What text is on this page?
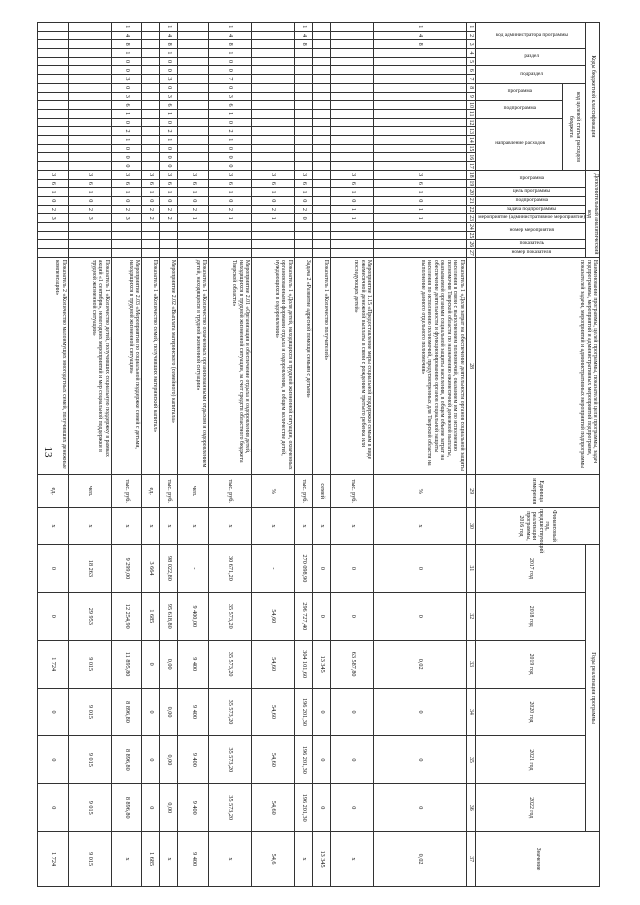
13
Коды бюджетной классификации																	Дополнительный аналитический код										Наименование программы, целей программы, показателей цели программы, задач подпрограммы, мероприятий и административных мероприятий подпрограмм, показателей задачи, мероприятий и административных мероприятий подпрограммы	Единица измерения	Финансовый год, предшествующий реализации программы, 2016 год	Годы реализации программы						Значение
код администратора программы			раздел		подраздел		код целевой статьи расходов бюджета										программа		цель программы	подпрограмма	задача подпрограммы	мероприятие (административное мероприятие)	номер мероприятия		показатель	номер показателя				2017 год	2018 год	2019 год	2020 год	2021 год	2022 год	
							программа		подпрограмма		направление расходов																									
1	2	3	4	5	6	7	8	9	10	11	12	13	14	15	16	17	18	19	20	21	22	23	24	25	26	27	28	29	30	31	32	33	34	35	36	37
1	4	8															3	6	1	0	1	1					Показатель 1 «Доля затрат на обеспечение деятельности органов социальной защиты населения в связи с выполнением полномочий, оказанием им по исполнению полномочия Тверской области по назначению ежемесячной денежной выплаты, оказываемой органами социальной защиты населения, в общем объеме затрат на обеспечение деятельности и функционированию органов социальной защиты населения по исполнению полномочий, предусмотренных для Тверской области на выполнение данного отдельного полномочия»	%	х	0	0	0,02	0	0	0	0,02
																	3	6	1	0	1	1					Мероприятие 1.15 «Предоставление меры социальной поддержки семьям в виде ежемесячной денежной выплаты в связи с рождением третьего ребенка или последующих детей»	тыс. руб.	х	0	0	63 587,80	0	0	0	х
																											Показатель 1 «Количество получателей»	семей	х	0	0	13 345	0	0	0	13 345
1	4	8															3	6	1	0	2	0					Задача 2 «Развитие адресной помощи семьям с детьми»	тыс. руб.	х	270 098,90	296 727,40	304 101,60	196 201,30	196 201,30	196 201,30	х
																	3	6	1	0	2	1					Показатель 1 «Доля детей, находящихся в трудной жизненной ситуации, охваченных организованными формами отдыха и оздоровления, в общем количестве детей, нуждающихся в оздоровлении»	%	х	-	54,60	54,60	54,60	54,60	54,60	54,6
1	4	8	1	0	0	7	0	3	6	1	0	2	1	0	0	0	3	6	1	0	2	1					Мероприятие 2.01 «Организация и обеспечение отдыха и оздоровления детей, находящихся в трудной жизненной ситуации, за счет средств областного бюджета Тверской области»	тыс. руб.	х	30 671,20	35 573,20	35 573,20	35 573,20	35 573,20	35 573,20	х
																	3	6	1	0	2	1					Показатель 1 «Количество охваченных организованными отдыхом и оздоровлением детей, находящихся в трудной жизненной ситуации»	чел.	х	-	9 400,00	9 400	9 400	9 400	9 400	9 400
1	4	8	1	0	0	3	0	3	6	1	0	2	1	0	0	0	3	6	1	0	2	2					Мероприятие 2.02 «Выплата материнского (семейного) капитала»	тыс. руб.	х	98 022,80	95 618,80	0,00	0,00	0,00	0,00	х
																	3	6	1	0	2	2					Показатель 1 «Количество семей, получивших материнский капитал»	ед.	х	3 664	1 685	0	0	0	0	1 685
1	4	8	1	0	0	3	0	3	6	1	0	2	1	0	0	0	3	6	1	0	2	3					Мероприятие 2.03 «Мероприятия по социальной поддержке семей с детьми, находящихся в трудной жизненной ситуации»	тыс. руб.	х	9 299,00	12 254,90	11 895,80	8 896,80	8 896,80	8 896,80	х
																	3	6	1	0	2	3					Показатель 1 «Количество детей, получивших социальную поддержку в рамках акций «1 сентября», новогодних мероприятий и мер социальной поддержки в трудной жизненной ситуации»	чел.	х	18 263	29 953	9 015	9 015	9 015	9 015	9 015
																	3	6	1	0	2	3					Показатель 2 «Количество малоимущих многодетных семей, получивших денежные компенсации»	ед.	х	0	0	1 724	0	0	0	1 724
